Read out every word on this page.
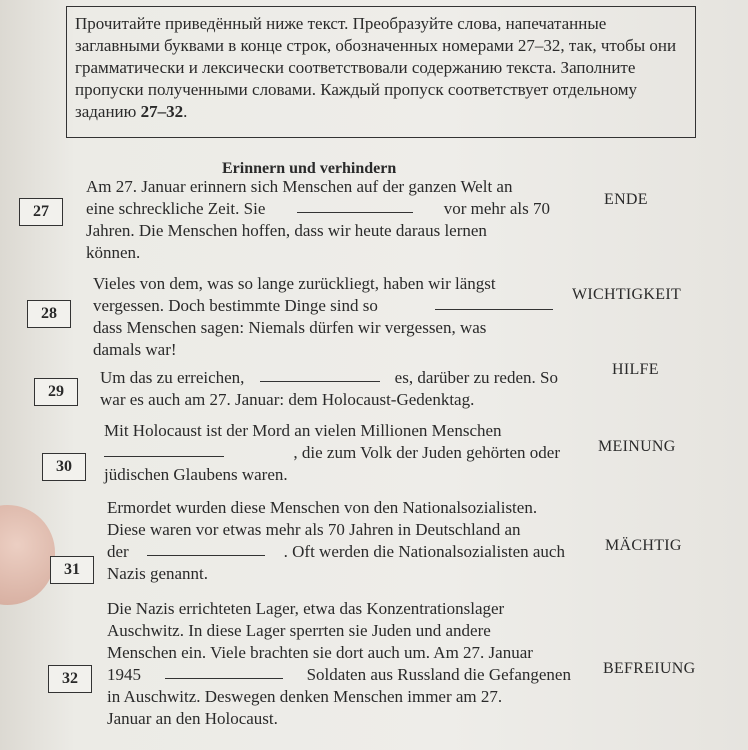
Прочитайте приведённый ниже текст. Преобразуйте слова, напечатанные заглавными буквами в конце строк, обозначенных номерами 27–32, так, чтобы они грамматически и лексически соответствовали содержанию текста. Заполните пропуски полученными словами. Каждый пропуск соответствует отдельному заданию 27–32.
Erinnern und verhindern
27
Am 27. Januar erinnern sich Menschen auf der ganzen Welt an
eine schreckliche Zeit. Sie	vor mehr als 70
Jahren. Die Menschen hoffen, dass wir heute daraus lernen
können.
ENDE
28
Vieles von dem, was so lange zurückliegt, haben wir längst
vergessen. Doch bestimmte Dinge sind so
dass Menschen sagen: Niemals dürfen wir vergessen, was
damals war!
WICHTIGKEIT
29
Um das zu erreichen,	es, darüber zu reden. So
war es auch am 27. Januar: dem Holocaust-Gedenktag.
HILFE
30
Mit Holocaust ist der Mord an vielen Millionen Menschen
, die zum Volk der Juden gehörten oder
jüdischen Glaubens waren.
MEINUNG
31
Ermordet wurden diese Menschen von den Nationalsozialisten.
Diese waren vor etwas mehr als 70 Jahren in Deutschland an
der	. Oft werden die Nationalsozialisten auch
Nazis genannt.
MÄCHTIG
32
Die Nazis errichteten Lager, etwa das Konzentrationslager
Auschwitz. In diese Lager sperrten sie Juden und andere
Menschen ein. Viele brachten sie dort auch um. Am 27. Januar
1945	Soldaten aus Russland die Gefangenen
in Auschwitz. Deswegen denken Menschen immer am 27.
Januar an den Holocaust.
BEFREIUNG
